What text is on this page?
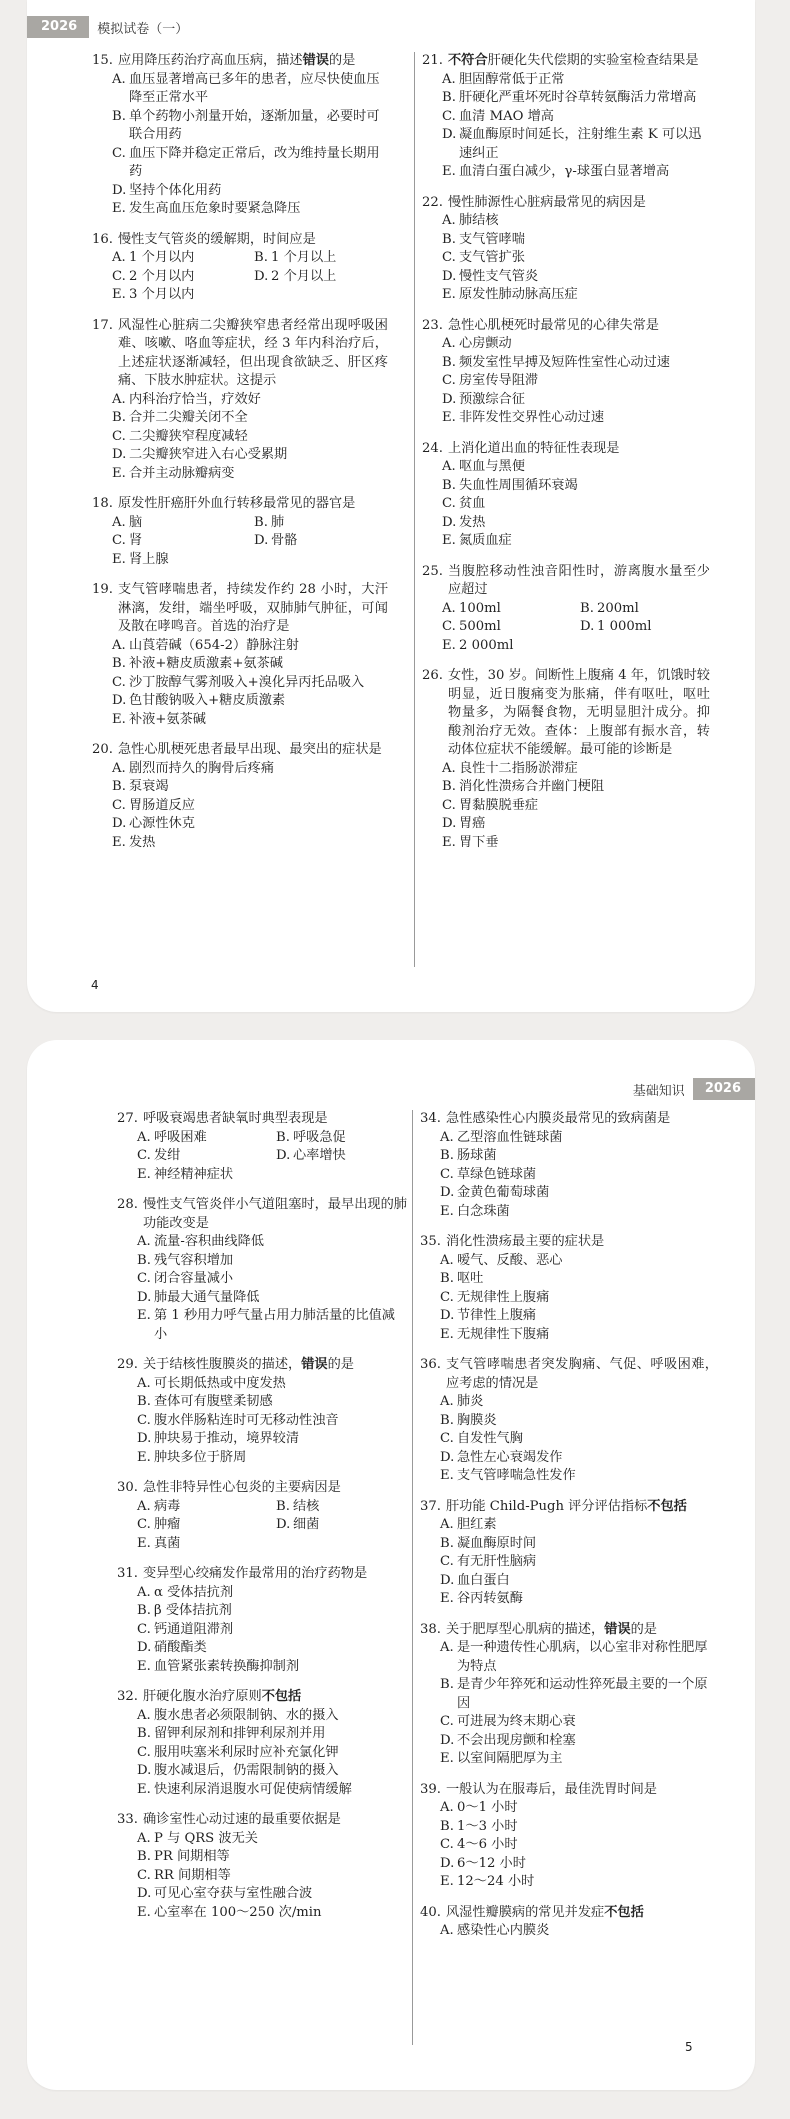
2026	模拟试卷（一）
15. 应用降压药治疗高血压病，描述错误的是
A. 血压显著增高已多年的患者，应尽快使血压降至正常水平
B. 单个药物小剂量开始，逐渐加量，必要时可联合用药
C. 血压下降并稳定正常后，改为维持量长期用药
D. 坚持个体化用药
E. 发生高血压危象时要紧急降压
16. 慢性支气管炎的缓解期，时间应是
A. 1 个月以内	B. 1 个月以上
C. 2 个月以内	D. 2 个月以上
E. 3 个月以内
17. 风湿性心脏病二尖瓣狭窄患者经常出现呼吸困难、咳嗽、咯血等症状，经 3 年内科治疗后，上述症状逐渐减轻，但出现食欲缺乏、肝区疼痛、下肢水肿症状。这提示
A. 内科治疗恰当，疗效好
B. 合并二尖瓣关闭不全
C. 二尖瓣狭窄程度减轻
D. 二尖瓣狭窄进入右心受累期
E. 合并主动脉瓣病变
18. 原发性肝癌肝外血行转移最常见的器官是
A. 脑	B. 肺
C. 肾	D. 骨骼
E. 肾上腺
19. 支气管哮喘患者，持续发作约 28 小时，大汗淋漓，发绀，端坐呼吸，双肺肺气肿征，可闻及散在哮鸣音。首选的治疗是
A. 山莨菪碱（654-2）静脉注射
B. 补液+糖皮质激素+氨茶碱
C. 沙丁胺醇气雾剂吸入+溴化异丙托品吸入
D. 色甘酸钠吸入+糖皮质激素
E. 补液+氨茶碱
20. 急性心肌梗死患者最早出现、最突出的症状是
A. 剧烈而持久的胸骨后疼痛
B. 泵衰竭
C. 胃肠道反应
D. 心源性休克
E. 发热
21. 不符合肝硬化失代偿期的实验室检查结果是
A. 胆固醇常低于正常
B. 肝硬化严重坏死时谷草转氨酶活力常增高
C. 血清 MAO 增高
D. 凝血酶原时间延长，注射维生素 K 可以迅速纠正
E. 血清白蛋白减少，γ-球蛋白显著增高
22. 慢性肺源性心脏病最常见的病因是
A. 肺结核
B. 支气管哮喘
C. 支气管扩张
D. 慢性支气管炎
E. 原发性肺动脉高压症
23. 急性心肌梗死时最常见的心律失常是
A. 心房颤动
B. 频发室性早搏及短阵性室性心动过速
C. 房室传导阻滞
D. 预激综合征
E. 非阵发性交界性心动过速
24. 上消化道出血的特征性表现是
A. 呕血与黑便
B. 失血性周围循环衰竭
C. 贫血
D. 发热
E. 氮质血症
25. 当腹腔移动性浊音阳性时，游离腹水量至少应超过
A. 100ml	B. 200ml
C. 500ml	D. 1 000ml
E. 2 000ml
26. 女性，30 岁。间断性上腹痛 4 年，饥饿时较明显，近日腹痛变为胀痛，伴有呕吐，呕吐物量多，为隔餐食物，无明显胆汁成分。抑酸剂治疗无效。查体：上腹部有振水音，转动体位症状不能缓解。最可能的诊断是
A. 良性十二指肠淤滞症
B. 消化性溃疡合并幽门梗阻
C. 胃黏膜脱垂症
D. 胃癌
E. 胃下垂
4
基础知识	2026
27. 呼吸衰竭患者缺氧时典型表现是
A. 呼吸困难	B. 呼吸急促
C. 发绀	D. 心率增快
E. 神经精神症状
28. 慢性支气管炎伴小气道阻塞时，最早出现的肺功能改变是
A. 流量-容积曲线降低
B. 残气容积增加
C. 闭合容量减小
D. 肺最大通气量降低
E. 第 1 秒用力呼气量占用力肺活量的比值减小
29. 关于结核性腹膜炎的描述，错误的是
A. 可长期低热或中度发热
B. 查体可有腹壁柔韧感
C. 腹水伴肠粘连时可无移动性浊音
D. 肿块易于推动，境界较清
E. 肿块多位于脐周
30. 急性非特异性心包炎的主要病因是
A. 病毒	B. 结核
C. 肿瘤	D. 细菌
E. 真菌
31. 变异型心绞痛发作最常用的治疗药物是
A. α 受体拮抗剂
B. β 受体拮抗剂
C. 钙通道阻滞剂
D. 硝酸酯类
E. 血管紧张素转换酶抑制剂
32. 肝硬化腹水治疗原则不包括
A. 腹水患者必须限制钠、水的摄入
B. 留钾利尿剂和排钾利尿剂并用
C. 服用呋塞米利尿时应补充氯化钾
D. 腹水减退后，仍需限制钠的摄入
E. 快速利尿消退腹水可促使病情缓解
33. 确诊室性心动过速的最重要依据是
A. P 与 QRS 波无关
B. PR 间期相等
C. RR 间期相等
D. 可见心室夺获与室性融合波
E. 心室率在 100～250 次/min
34. 急性感染性心内膜炎最常见的致病菌是
A. 乙型溶血性链球菌
B. 肠球菌
C. 草绿色链球菌
D. 金黄色葡萄球菌
E. 白念珠菌
35. 消化性溃疡最主要的症状是
A. 嗳气、反酸、恶心
B. 呕吐
C. 无规律性上腹痛
D. 节律性上腹痛
E. 无规律性下腹痛
36. 支气管哮喘患者突发胸痛、气促、呼吸困难，应考虑的情况是
A. 肺炎
B. 胸膜炎
C. 自发性气胸
D. 急性左心衰竭发作
E. 支气管哮喘急性发作
37. 肝功能 Child-Pugh 评分评估指标不包括
A. 胆红素
B. 凝血酶原时间
C. 有无肝性脑病
D. 血白蛋白
E. 谷丙转氨酶
38. 关于肥厚型心肌病的描述，错误的是
A. 是一种遗传性心肌病，以心室非对称性肥厚为特点
B. 是青少年猝死和运动性猝死最主要的一个原因
C. 可进展为终末期心衰
D. 不会出现房颤和栓塞
E. 以室间隔肥厚为主
39. 一般认为在服毒后，最佳洗胃时间是
A. 0～1 小时
B. 1～3 小时
C. 4～6 小时
D. 6～12 小时
E. 12～24 小时
40. 风湿性瓣膜病的常见并发症不包括
A. 感染性心内膜炎
5
